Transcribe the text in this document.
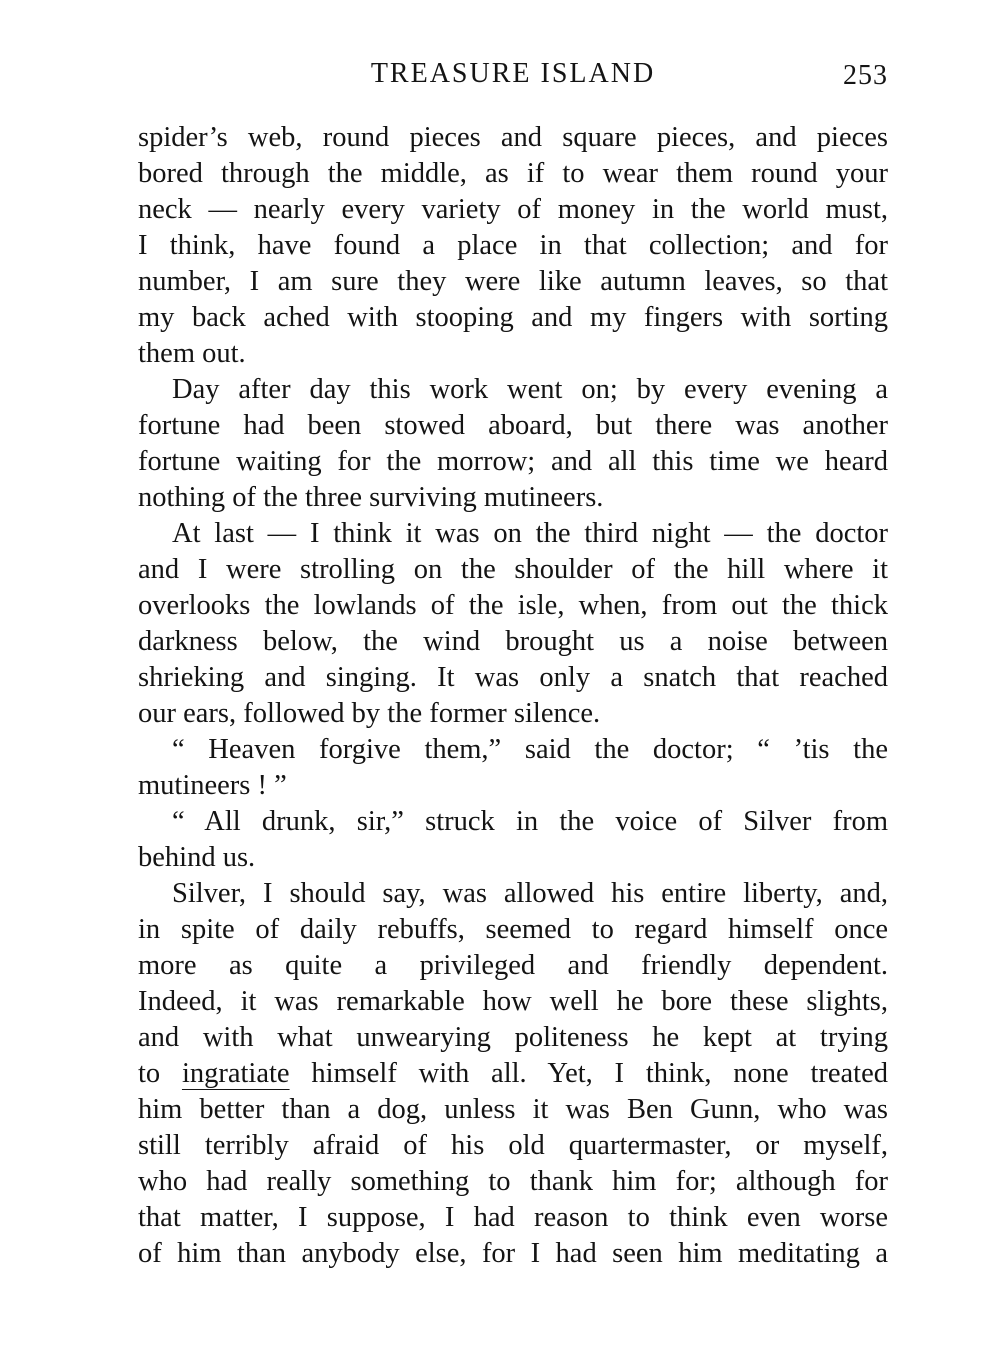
TREASURE ISLAND	253
spider’s web, round pieces and square pieces, and pieces
bored through the middle, as if to wear them round your
neck — nearly every variety of money in the world must,
I think, have found a place in that collection; and for
number, I am sure they were like autumn leaves, so that
my back ached with stooping and my fingers with sorting
them out.
Day after day this work went on; by every evening a
fortune had been stowed aboard, but there was another
fortune waiting for the morrow; and all this time we heard
nothing of the three surviving mutineers.
At last — I think it was on the third night — the doctor
and I were strolling on the shoulder of the hill where it
overlooks the lowlands of the isle, when, from out the thick
darkness below, the wind brought us a noise between
shrieking and singing. It was only a snatch that reached
our ears, followed by the former silence.
“ Heaven forgive them,” said the doctor; “ ’tis the
mutineers ! ”
“ All drunk, sir,” struck in the voice of Silver from
behind us.
Silver, I should say, was allowed his entire liberty, and,
in spite of daily rebuffs, seemed to regard himself once
more as quite a privileged and friendly dependent.
Indeed, it was remarkable how well he bore these slights,
and with what unwearying politeness he kept at trying
to ingratiate himself with all. Yet, I think, none treated
him better than a dog, unless it was Ben Gunn, who was
still terribly afraid of his old quartermaster, or myself,
who had really something to thank him for; although for
that matter, I suppose, I had reason to think even worse
of him than anybody else, for I had seen him meditating a
